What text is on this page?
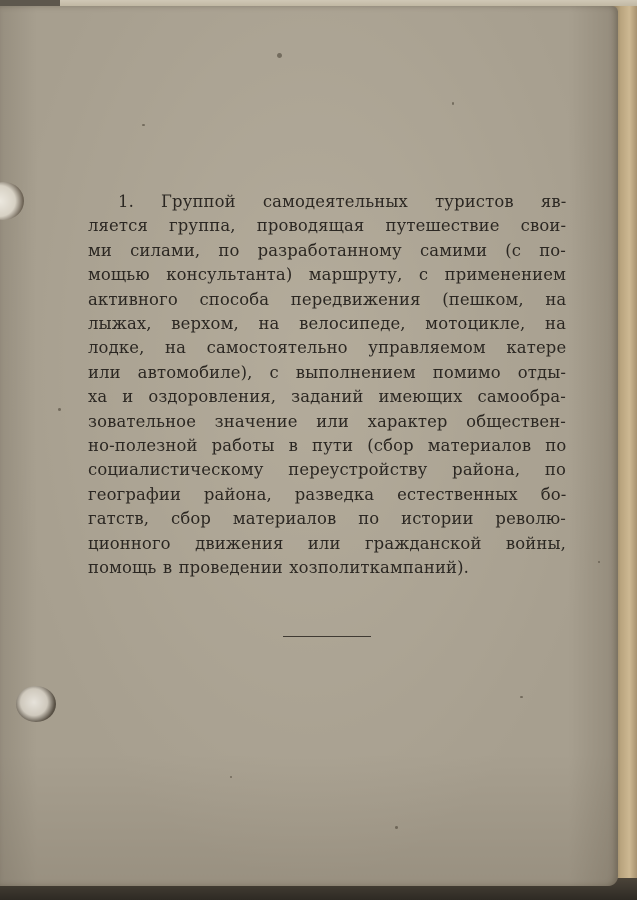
1. Группой самодеятельных туристов яв-
ляется группа, проводящая путешествие свои-
ми силами, по разработанному самими (с по-
мощью консультанта) маршруту, с применением
активного способа передвижения (пешком, на
лыжах, верхом, на велосипеде, мотоцикле, на
лодке, на самостоятельно управляемом катере
или автомобиле), с выполнением помимо отды-
ха и оздоровления, заданий имеющих самообра-
зовательное значение или характер обществен-
но-полезной работы в пути (сбор материалов по
социалистическому переустройству района, по
географии района, разведка естественных бо-
гатств, сбор материалов по истории револю-
ционного движения или гражданской войны,
помощь в проведении хозполиткампаний).
